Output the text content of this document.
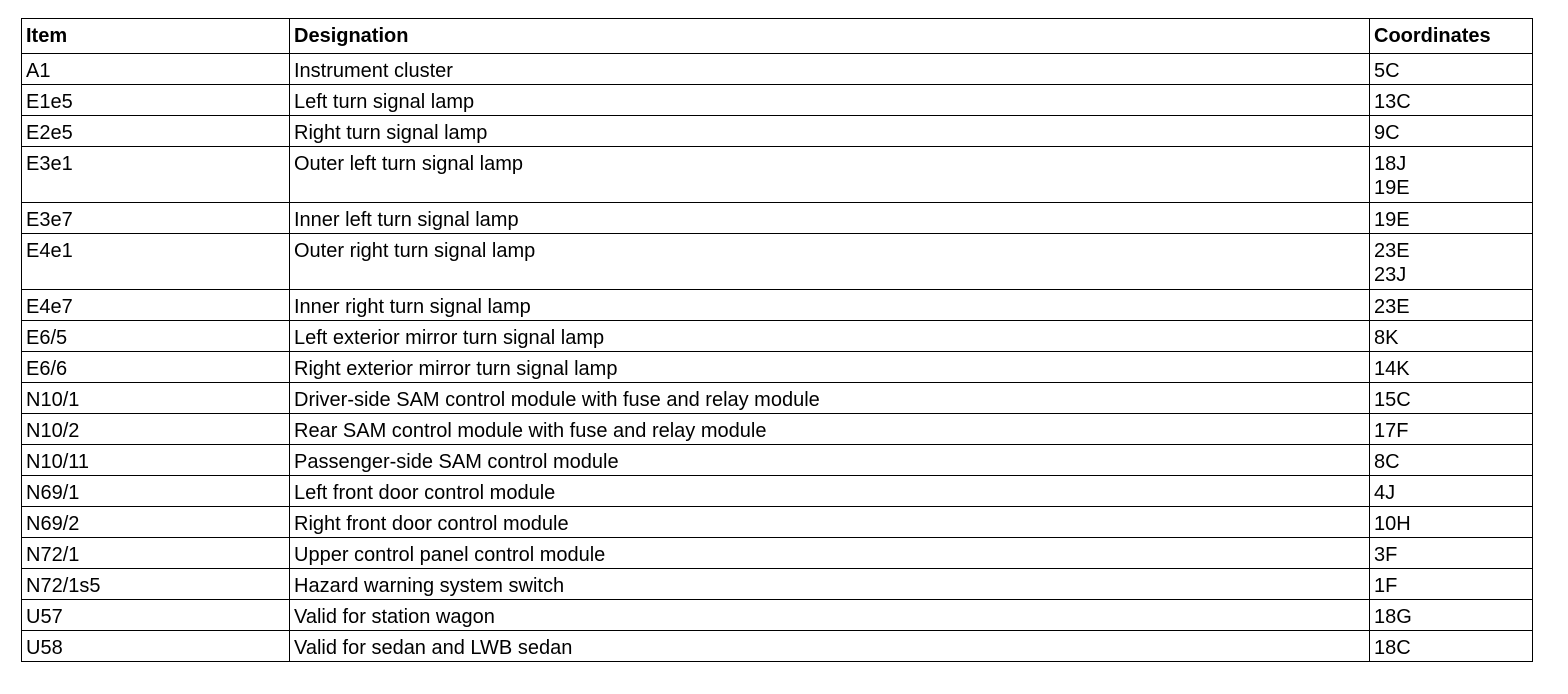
Item	Designation	Coordinates
A1	Instrument cluster	5C

E1e5	Left turn signal lamp	13C

E2e5	Right turn signal lamp	9C

E3e1	Outer left turn signal lamp	18J
19E

E3e7	Inner left turn signal lamp	19E

E4e1	Outer right turn signal lamp	23E
23J

E4e7	Inner right turn signal lamp	23E

E6/5	Left exterior mirror turn signal lamp	8K

E6/6	Right exterior mirror turn signal lamp	14K

N10/1	Driver-side SAM control module with fuse and relay module	15C

N10/2	Rear SAM control module with fuse and relay module	17F

N10/11	Passenger-side SAM control module	8C

N69/1	Left front door control module	4J

N69/2	Right front door control module	10H

N72/1	Upper control panel control module	3F

N72/1s5	Hazard warning system switch	1F

U57	Valid for station wagon	18G

U58	Valid for sedan and LWB sedan	18C
